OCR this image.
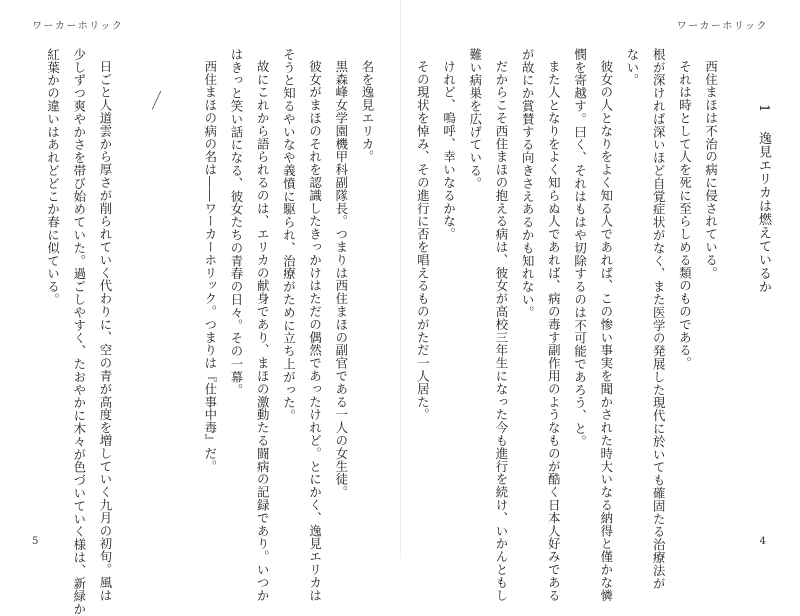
ワーカーホリック
1 逸見エリカは燃えているか

西住まほは不治の病に侵されている。
それは時として人を死に至らしめる類のものである。
根が深ければ深いほど自覚症状がなく、また医学の発展した現代に於いても確固たる治療法が
ない。
彼女の人となりをよく知る人であれば、この惨い事実を聞かされた時大いなる納得と僅かな憐
憫を寄越す。曰く、それはもはや切除するのは不可能であろう、と。
また人となりをよく知らぬ人であれば、病の毒す副作用のようなものが酷く日本人好みである
が故にか賞賛する向きさえあるかも知れない。
だからこそ西住まほの抱える病は、彼女が高校三年生になった今も進行を続け、いかんともし
難い病巣を広げている。
けれど、嗚呼、幸いなるかな。
その現状を悼み、その進行に否を唱えるものがただ一人居た。
4
ワーカーホリック
名を逸見エリカ。
黒森峰女学園機甲科副隊長。つまりは西住まほの副官である一人の女生徒。
彼女がまほのそれを認識したきっかけはただの偶然であったけれど。とにかく、逸見エリカは
そうと知るやいなや義憤に駆られ、治療がために立ち上がった。
故にこれから語られるのは、エリカの献身であり、まほの激動たる闘病の記録であり。いつか
はきっと笑い話になる、彼女たちの青春の日々。その一幕。
西住まほの病の名は――ワーカーホリック。つまりは『仕事中毒』だ。

／

日ごと人道雲から厚さが削られていく代わりに、空の青が高度を増していく九月の初旬。風は
少しずつ爽やかさを帯び始めていた。過ごしやすく、たおやかに木々が色づいていく様は、新緑か
紅葉かの違いはあれどどこか春に似ている。
5
